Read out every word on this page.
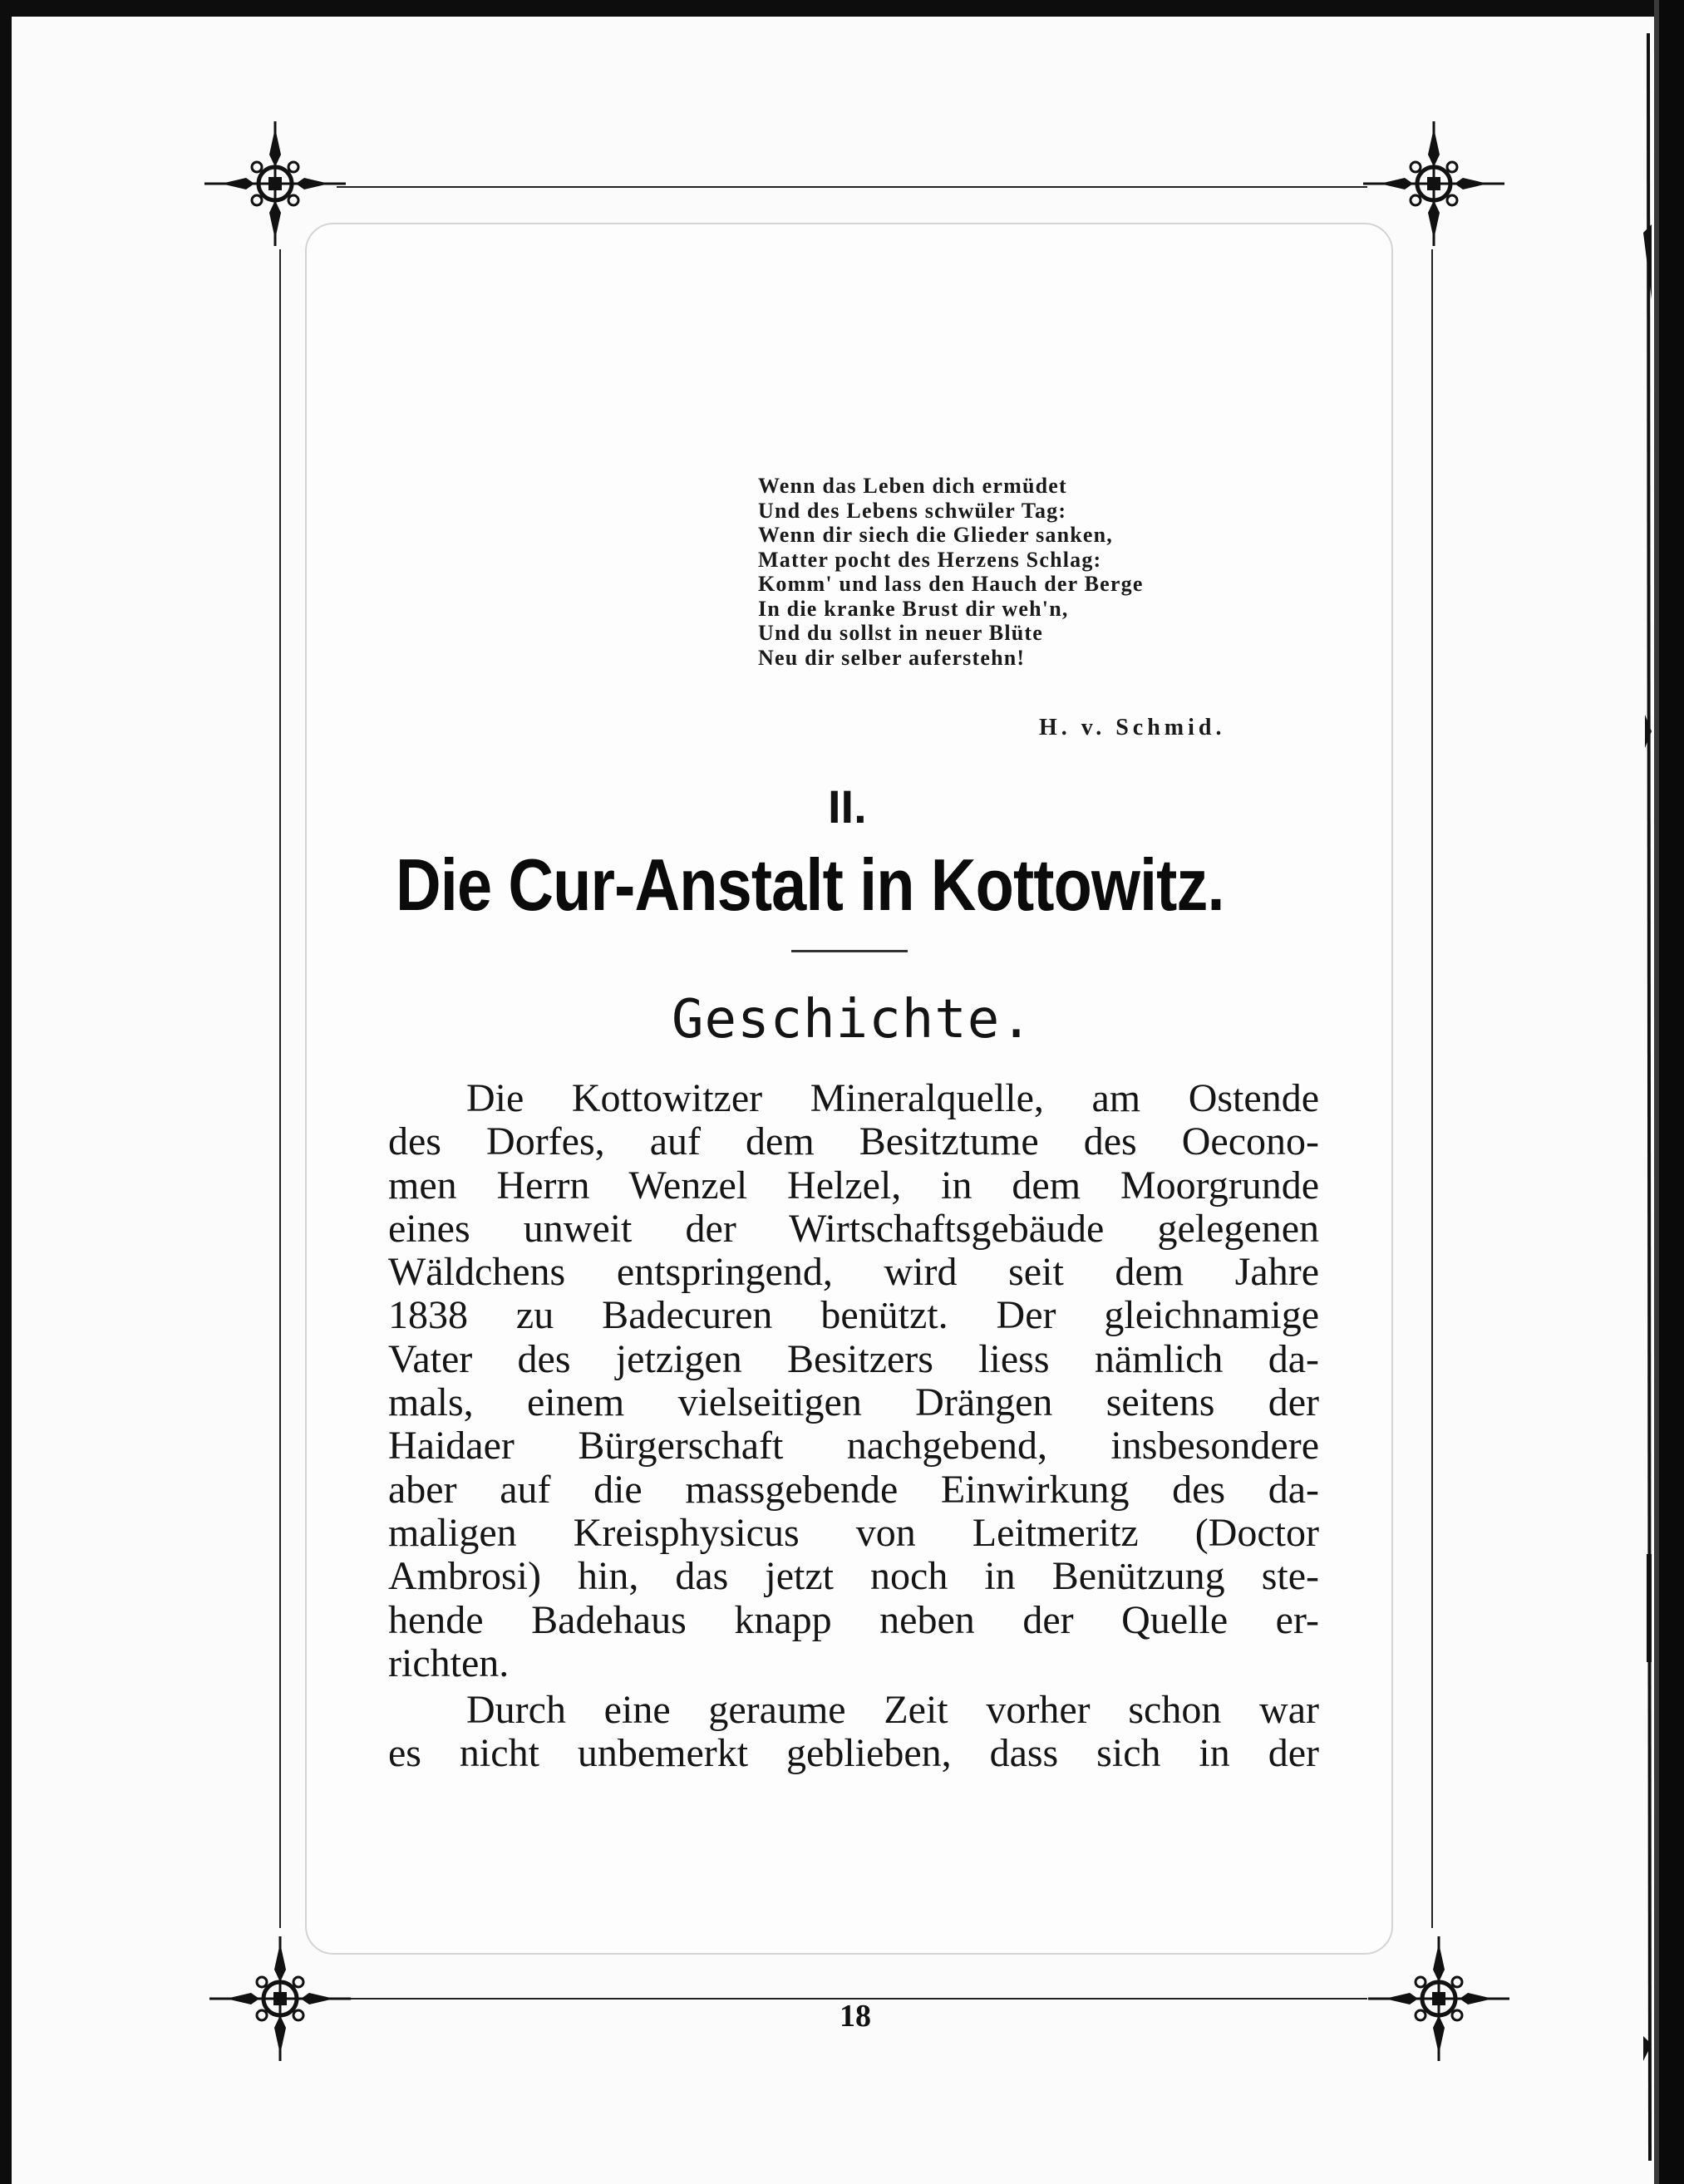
Wenn das Leben dich ermüdet
Und des Lebens schwüler Tag:
Wenn dir siech die Glieder sanken,
Matter pocht des Herzens Schlag:
Komm' und lass den Hauch der Berge
In die kranke Brust dir weh'n,
Und du sollst in neuer Blüte
Neu dir selber auferstehn!
H. v. Schmid.
II.
Die Cur-Anstalt in Kottowitz.
Geschichte.

Die Kottowitzer Mineralquelle, am Ostende
des Dorfes, auf dem Besitztume des Oecono-
men Herrn Wenzel Helzel, in dem Moorgrunde
eines unweit der Wirtschaftsgebäude gelegenen
Wäldchens entspringend, wird seit dem Jahre
1838 zu Badecuren benützt. Der gleichnamige
Vater des jetzigen Besitzers liess nämlich da-
mals, einem vielseitigen Drängen seitens der
Haidaer Bürgerschaft nachgebend, insbesondere
aber auf die massgebende Einwirkung des da-
maligen Kreisphysicus von Leitmeritz (Doctor
Ambrosi) hin, das jetzt noch in Benützung ste-
hende Badehaus knapp neben der Quelle er-
richten.

Durch eine geraume Zeit vorher schon war
es nicht unbemerkt geblieben, dass sich in der

18
